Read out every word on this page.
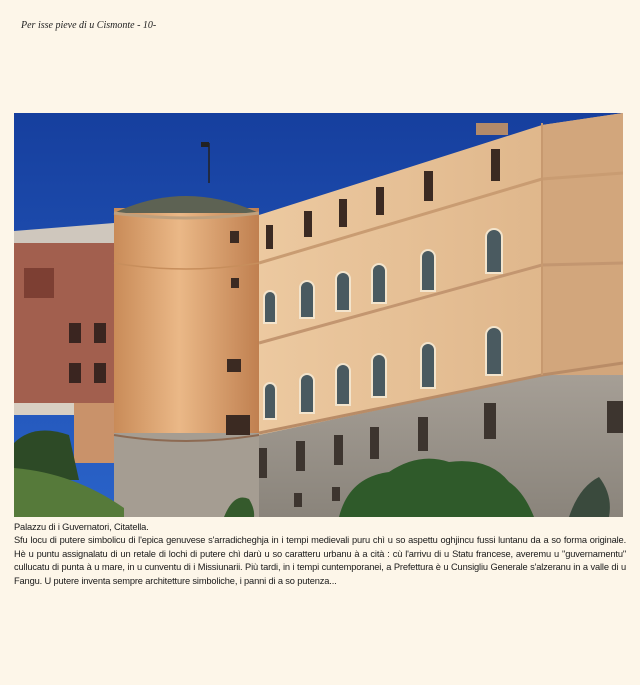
Per isse pieve di u Cismonte - 10-

Palazzu di i Guvernatori, Citatella.

Sfu locu di putere simbolicu di l'epica genuvese s'arradicheghja in i tempi medievali puru chì u so aspettu oghjincu fussi luntanu da a so forma originale. Hè u puntu assignalatu di un retale di lochi di putere chì darù u so caratteru urbanu à a cità : cù l'arrivu di u Statu francese, averemu u "guvernamentu" cullucatu di punta à u mare, in u cunventu di i Missiunarii. Più tardi, in i tempi cuntemporanei, a Prefettura è u Cunsigliu Generale s'alzeranu in a valle di u Fangu. U putere inventa sempre architetture simboliche, i panni di a so putenza...
